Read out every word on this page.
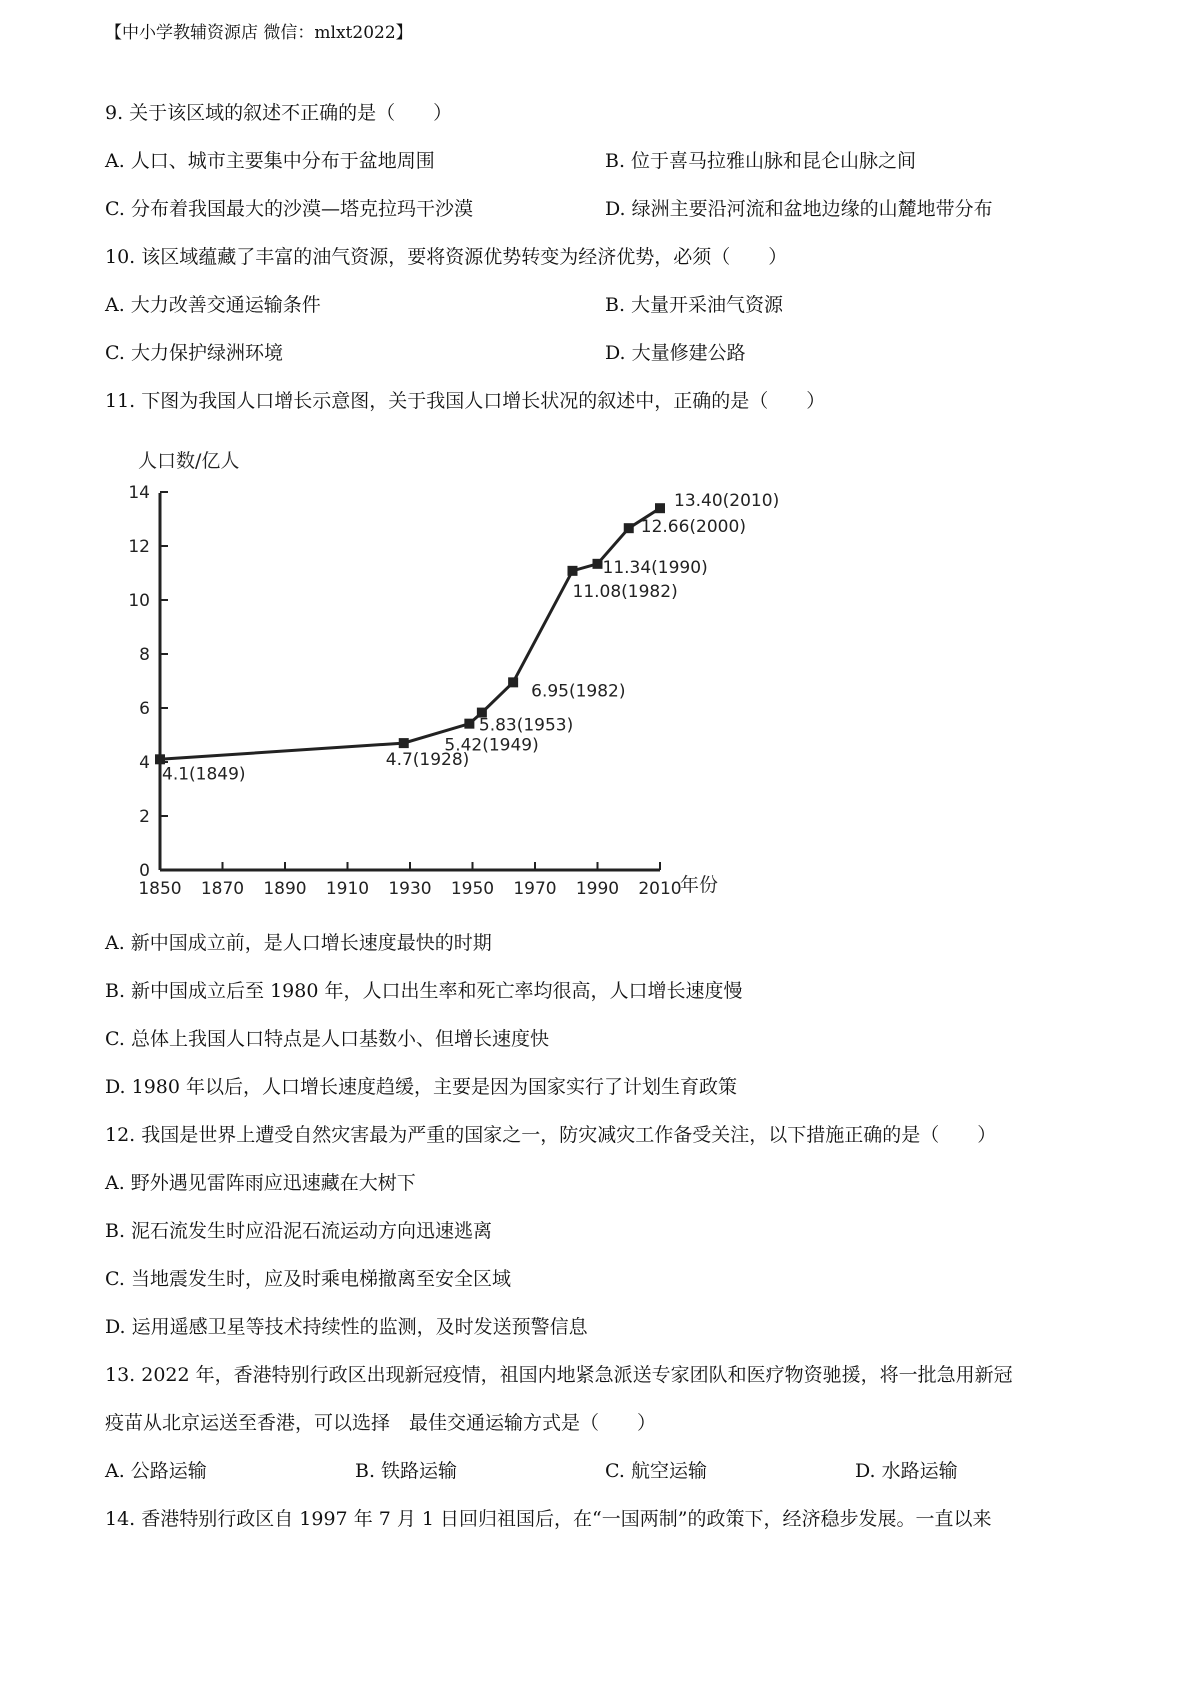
【中小学教辅资源店 微信：mlxt2022】
9. 关于该区域的叙述不正确的是（　　）
A. 人口、城市主要集中分布于盆地周围	B. 位于喜马拉雅山脉和昆仑山脉之间
C. 分布着我国最大的沙漠—塔克拉玛干沙漠	D. 绿洲主要沿河流和盆地边缘的山麓地带分布
10. 该区域蕴藏了丰富的油气资源，要将资源优势转变为经济优势，必须（　　）
A. 大力改善交通运输条件	B. 大量开采油气资源
C. 大力保护绿洲环境	D. 大量修建公路
11. 下图为我国人口增长示意图，关于我国人口增长状况的叙述中，正确的是（　　）
人口数/亿人
年份
0
2
4
6
8
10
12
14
1850 1870 1890 1910 1930 1950 1970 1990 2010
4.1(1849)
4.7(1928)
5.42(1949)
5.83(1953)
6.95(1982)
11.08(1982)
11.34(1990)
12.66(2000)
13.40(2010)
A. 新中国成立前，是人口增长速度最快的时期
B. 新中国成立后至 1980 年，人口出生率和死亡率均很高，人口增长速度慢
C. 总体上我国人口特点是人口基数小、但增长速度快
D. 1980 年以后，人口增长速度趋缓，主要是因为国家实行了计划生育政策
12. 我国是世界上遭受自然灾害最为严重的国家之一，防灾减灾工作备受关注，以下措施正确的是（　　）
A. 野外遇见雷阵雨应迅速藏在大树下
B. 泥石流发生时应沿泥石流运动方向迅速逃离
C. 当地震发生时，应及时乘电梯撤离至安全区域
D. 运用遥感卫星等技术持续性的监测，及时发送预警信息
13. 2022 年，香港特别行政区出现新冠疫情，祖国内地紧急派送专家团队和医疗物资驰援，将一批急用新冠
疫苗从北京运送至香港，可以选择　最佳交通运输方式是（　　）
A. 公路运输	B. 铁路运输	C. 航空运输	D. 水路运输
14. 香港特别行政区自 1997 年 7 月 1 日回归祖国后，在“一国两制”的政策下，经济稳步发展。一直以来
